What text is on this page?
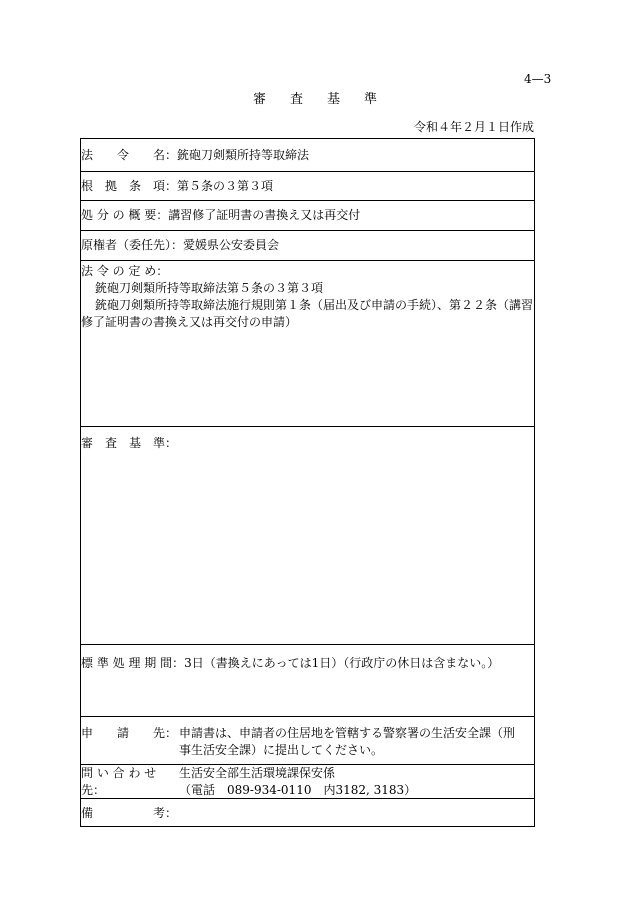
4—3
審査基準
令和４年２月１日作成
法　　令　　名：銃砲刀剣類所持等取締法
根　拠　条　項：第５条の３第３項
処 分 の 概 要：講習修了証明書の書換え又は再交付
原権者（委任先）：愛媛県公安委員会
法 令 の 定 め：
銃砲刀剣類所持等取締法第５条の３第３項
銃砲刀剣類所持等取締法施行規則第１条（届出及び申請の手続）、第２２条（講習修了証明書の書換え又は再交付の申請）
審　査　基　準：
標 準 処 理 期 間：3日（書換えにあっては1日）（行政庁の休日は含まない。）
申　　請　　先： 申請書は、申請者の住居地を管轄する警察署の生活安全課（刑事生活安全課）に提出してください。
問 い 合 わ せ 先：
生活安全部生活環境課保安係
（電話　089-934-0110　内3182, 3183）
備　　　　　考：
